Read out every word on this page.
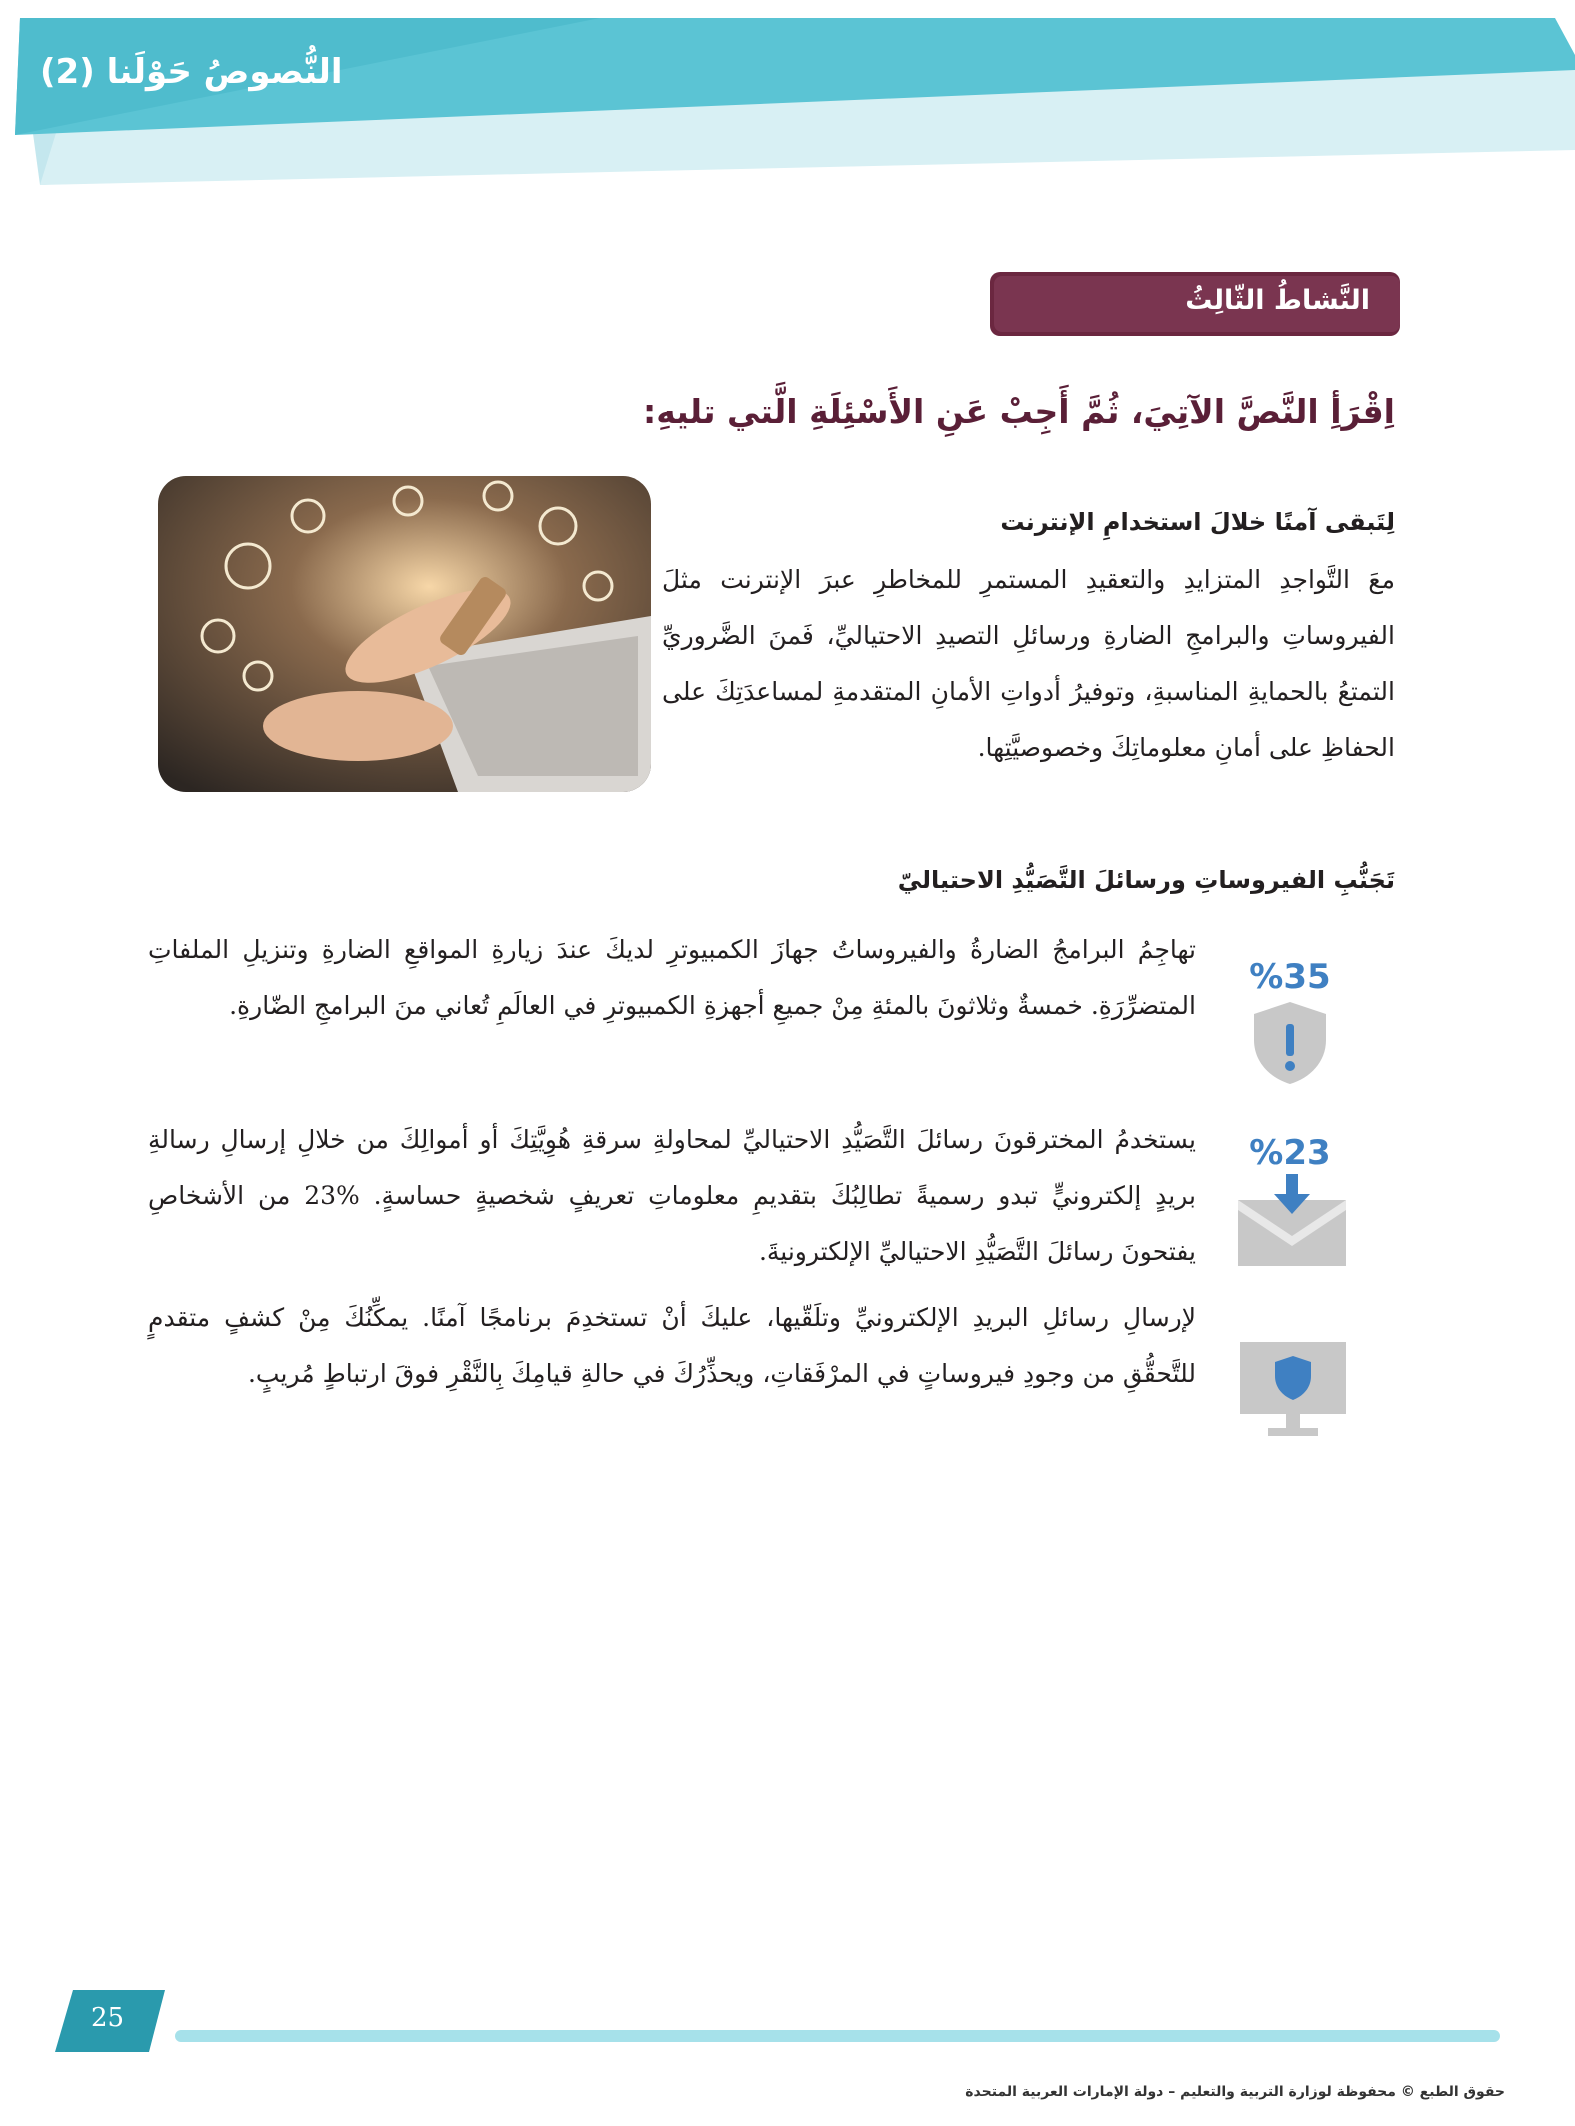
النُّصوصُ حَوْلَنا (2)
النَّشاطُ الثّالِثُ
اِقْرَأِ النَّصَّ الآتِيَ، ثُمَّ أَجِبْ عَنِ الأَسْئِلَةِ الَّتي تليهِ:
لِتَبقى آمنًا خلالَ استخدامِ الإنترنت
معَ التَّواجدِ المتزايدِ والتعقيدِ المستمرِ للمخاطرِ عبرَ الإنترنت مثلَ الفيروساتِ والبرامجِ الضارةِ ورسائلِ التصيدِ الاحتياليِّ، فَمنَ الضَّروريِّ التمتعُ بالحمايةِ المناسبةِ، وتوفيرُ أدواتِ الأمانِ المتقدمةِ لمساعدَتِكَ على الحفاظِ على أمانِ معلوماتِكَ وخصوصيَّتِها.
تَجَنُّبِ الفيروساتِ ورسائلَ التَّصَيُّدِ الاحتياليّ
%35
تهاجِمُ البرامجُ الضارةُ والفيروساتُ جهازَ الكمبيوترِ لديكَ عندَ زيارةِ المواقعِ الضارةِ وتنزيلِ الملفاتِ المتضرِّرَةِ. خمسةٌ وثلاثونَ بالمئةِ مِنْ جميعِ أجهزةِ الكمبيوترِ في العالَمِ تُعاني منَ البرامجِ الضّارةِ.
%23
يستخدمُ المخترقونَ رسائلَ التَّصَيُّدِ الاحتياليِّ لمحاولةِ سرقةِ هُوِيَّتِكَ أو أموالِكَ من خلالِ إرسالِ رسالةِ بريدٍ إلكترونيٍّ تبدو رسميةً تطالِبُكَ بتقديمِ معلوماتِ تعريفٍ شخصيةٍ حساسةٍ. %23 من الأشخاصِ يفتحونَ رسائلَ التَّصَيُّدِ الاحتياليِّ الإلكترونيةَ.
لإرسالِ رسائلِ البريدِ الإلكترونيِّ وتلَقّيها، عليكَ أنْ تستخدِمَ برنامجًا آمنًا. يمكِّنُكَ مِنْ كشفٍ متقدمٍ للتَّحقُّقِ من وجودِ فيروساتٍ في المرْفَقاتِ، ويحذِّرُكَ في حالةِ قيامِكَ بِالنَّقْرِ فوقَ ارتباطٍ مُريبٍ.
25
حقوق الطبع © محفوظة لوزارة التربية والتعليم – دولة الإمارات العربية المتحدة
